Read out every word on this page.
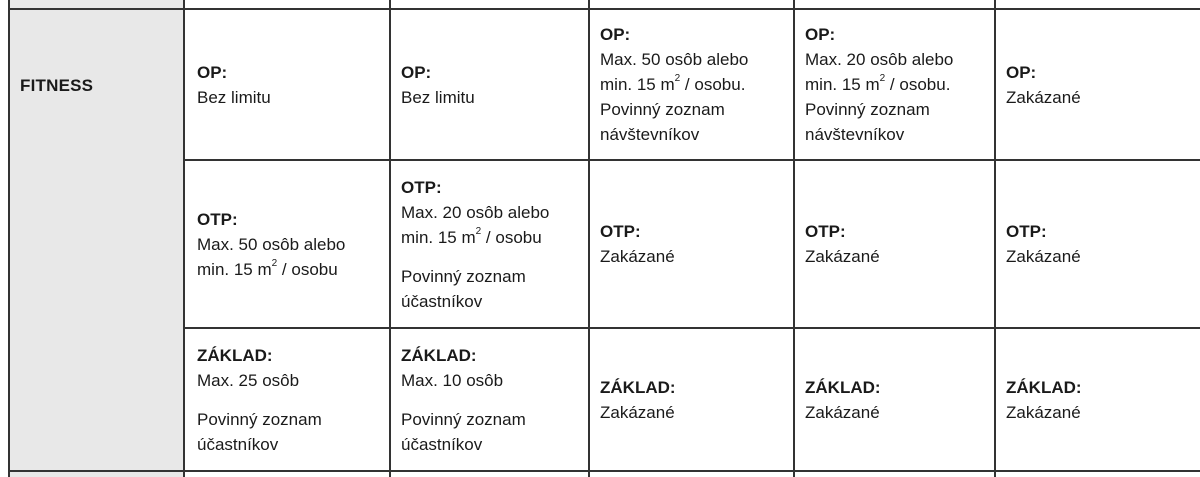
FITNESS
OP:
Bez limitu
OP:
Bez limitu
OP:
Max. 50 osôb alebo
min. 15 $m^2$ / osobu.
Povinný zoznam
návštevníkov
OP:
Max. 20 osôb alebo
min. 15 $m^2$ / osobu.
Povinný zoznam
návštevníkov
OP:
Zakázané
OTP:
Max. 50 osôb alebo
min. 15 $m^2$ / osobu
OTP:
Max. 20 osôb alebo
min. 15 $m^2$ / osobu
Povinný zoznam
účastníkov
OTP:
Zakázané
OTP:
Zakázané
OTP:
Zakázané
ZÁKLAD:
Max. 25 osôb
Povinný zoznam
účastníkov
ZÁKLAD:
Max. 10 osôb
Povinný zoznam
účastníkov
ZÁKLAD:
Zakázané
ZÁKLAD:
Zakázané
ZÁKLAD:
Zakázané
